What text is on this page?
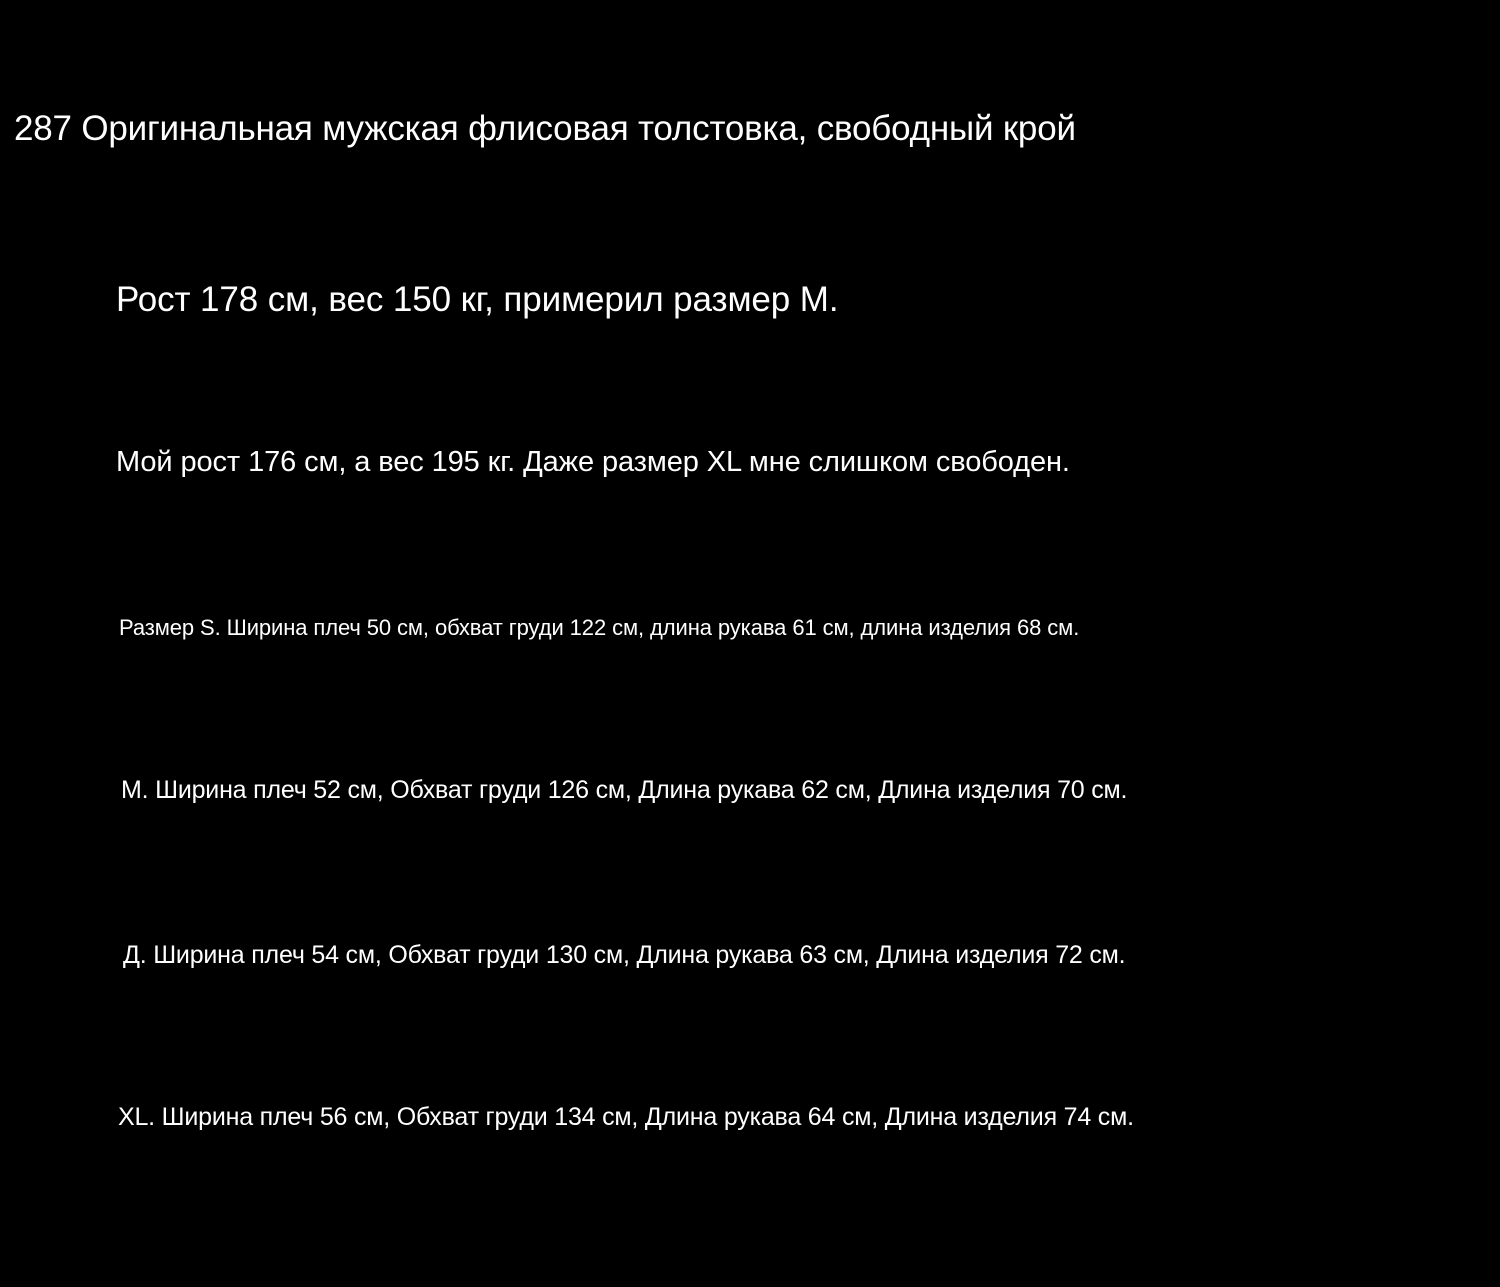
287 Оригинальная мужская флисовая толстовка, свободный крой
Рост 178 см, вес 150 кг, примерил размер M.
Мой рост 176 см, а вес 195 кг. Даже размер XL мне слишком свободен.
Размер S. Ширина плеч 50 см, обхват груди 122 см, длина рукава 61 см, длина изделия 68 см.
M. Ширина плеч 52 см, Обхват груди 126 см, Длина рукава 62 см, Длина изделия 70 см.
Д. Ширина плеч 54 см, Обхват груди 130 см, Длина рукава 63 см, Длина изделия 72 см.
XL. Ширина плеч 56 см, Обхват груди 134 см, Длина рукава 64 см, Длина изделия 74 см.
